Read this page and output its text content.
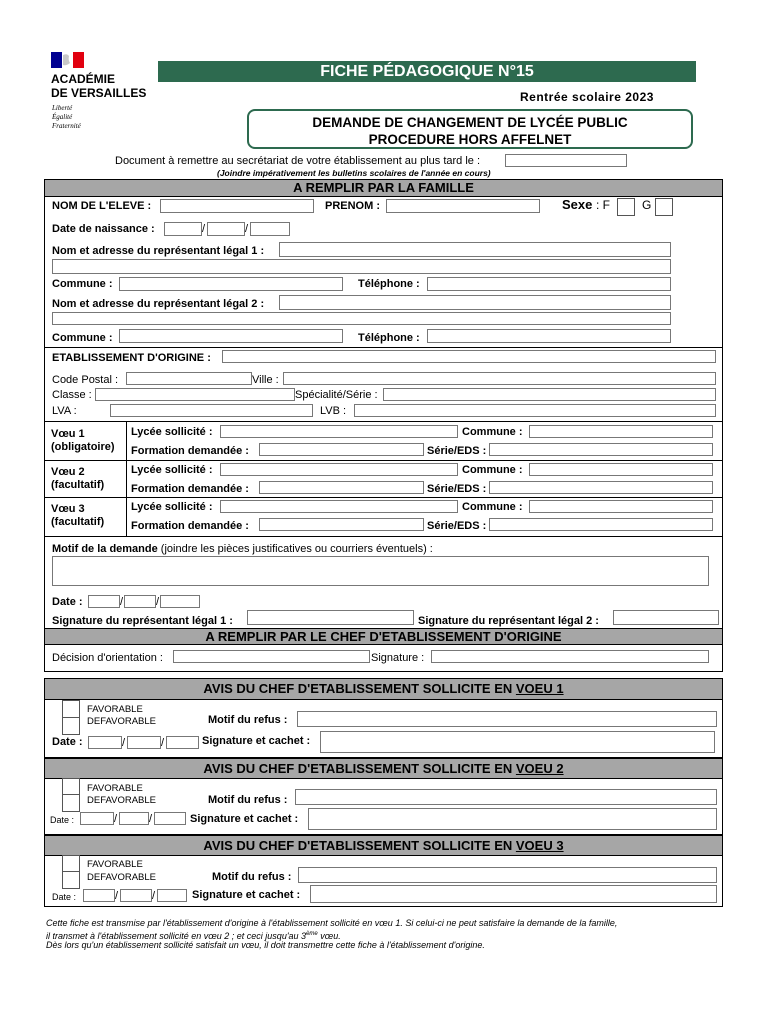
ACADÉMIE
DE VERSAILLES
Liberté
Égalité
Fraternité
FICHE PÉDAGOGIQUE N°15
Rentrée scolaire 2023
DEMANDE DE CHANGEMENT DE LYCÉE PUBLIC
PROCEDURE HORS AFFELNET
Document à remettre au secrétariat de votre établissement au plus tard le :
(Joindre impérativement les bulletins scolaires de l'année en cours)
A REMPLIR PAR LA FAMILLE
NOM DE L'ELEVE :	PRENOM :	Sexe : F	G
Date de naissance :	/	/
Nom et adresse du représentant légal 1 :
Commune :	Téléphone :
Nom et adresse du représentant légal 2 :
Commune :	Téléphone :
ETABLISSEMENT D'ORIGINE :
Code Postal :	Ville :
Classe :	Spécialité/Série :
LVA :	LVB :
Vœu 1
(obligatoire)
Lycée sollicité :	Commune :
Formation demandée :	Série/EDS :
Vœu 2
(facultatif)
Lycée sollicité :	Commune :
Formation demandée :	Série/EDS :
Vœu 3
(facultatif)
Lycée sollicité :	Commune :
Formation demandée :	Série/EDS :
Motif de la demande (joindre les pièces justificatives ou courriers éventuels) :
Date :	/	/
Signature du représentant légal 1 :	Signature du représentant légal 2 :
A REMPLIR PAR LE CHEF D'ETABLISSEMENT D'ORIGINE
Décision d'orientation :	Signature :
AVIS DU CHEF D'ETABLISSEMENT SOLLICITE EN VOEU 1
FAVORABLE
DEFAVORABLE	Motif du refus :
Date :	/	/	Signature et cachet :
AVIS DU CHEF D'ETABLISSEMENT SOLLICITE EN VOEU 2
FAVORABLE
DEFAVORABLE	Motif du refus :
Date :	/	/	Signature et cachet :
AVIS DU CHEF D'ETABLISSEMENT SOLLICITE EN VOEU 3
FAVORABLE
DEFAVORABLE	Motif du refus :
Date :	/	/	Signature et cachet :
Cette fiche est transmise par l'établissement d'origine à l'établissement sollicité en vœu 1. Si celui-ci ne peut satisfaire la demande de la famille,
il transmet à l'établissement sollicité en vœu 2 ; et ceci jusqu'au 3ème vœu.
Dès lors qu'un établissement sollicité satisfait un vœu, il doit transmettre cette fiche à l'établissement d'origine.
